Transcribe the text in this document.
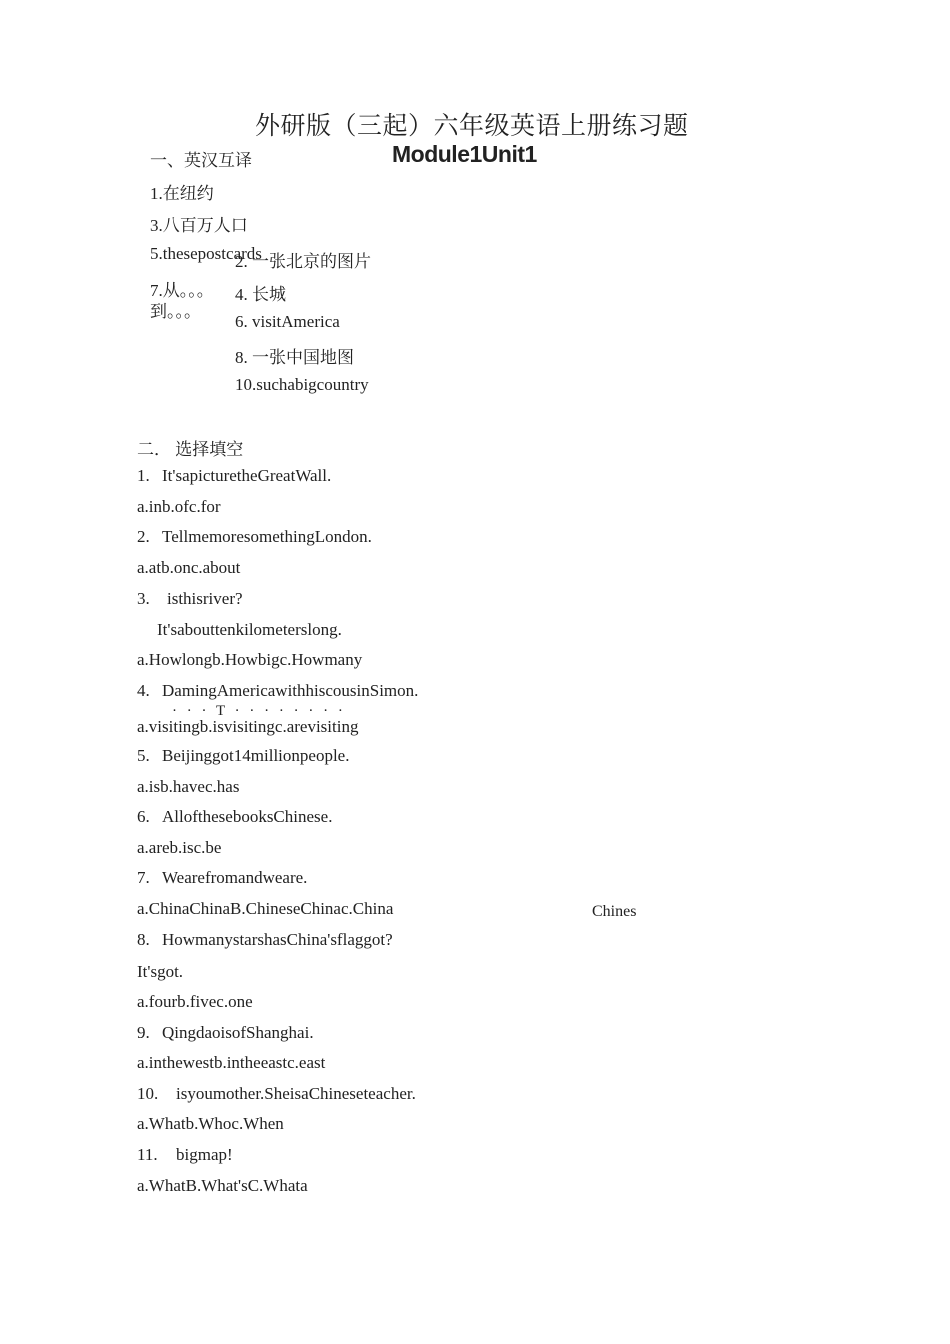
外研版（三起）六年级英语上册练习题
Module1Unit1
一、英汉互译
1.在纽约
3.八百万人口
5.thesepostcards
7.从。。。
到。。。
2. 一张北京的图片
4. 长城
6. visitAmerica
8. 一张中国地图
10.suchabigcountry
二． 选择填空
1. It'sapicturetheGreatWall.
a.inb.ofc.for
2. TellmemoresomethingLondon.
a.atb.onc.about
3. isthisriver?
It'sabouttenkilometerslong.
a.Howlongb.Howbigc.Howmany
4. DamingAmericawithhiscousinSimon.
· · · T · · · · · · · ·
a.visitingb.isvisitingc.arevisiting
5. Beijinggot14millionpeople.
a.isb.havec.has
6. AllofthesebooksChinese.
a.areb.isc.be
7. Wearefromandweare.
a.ChinaChinaB.ChineseChinac.China	Chines
8. HowmanystarshasChina'sflaggot?
It'sgot.
a.fourb.fivec.one
9. QingdaoisofShanghai.
a.inthewestb.intheeastc.east
10. isyoumother.SheisaChineseteacher.
a.Whatb.Whoc.When
11. bigmap!
a.WhatB.What'sC.Whata
